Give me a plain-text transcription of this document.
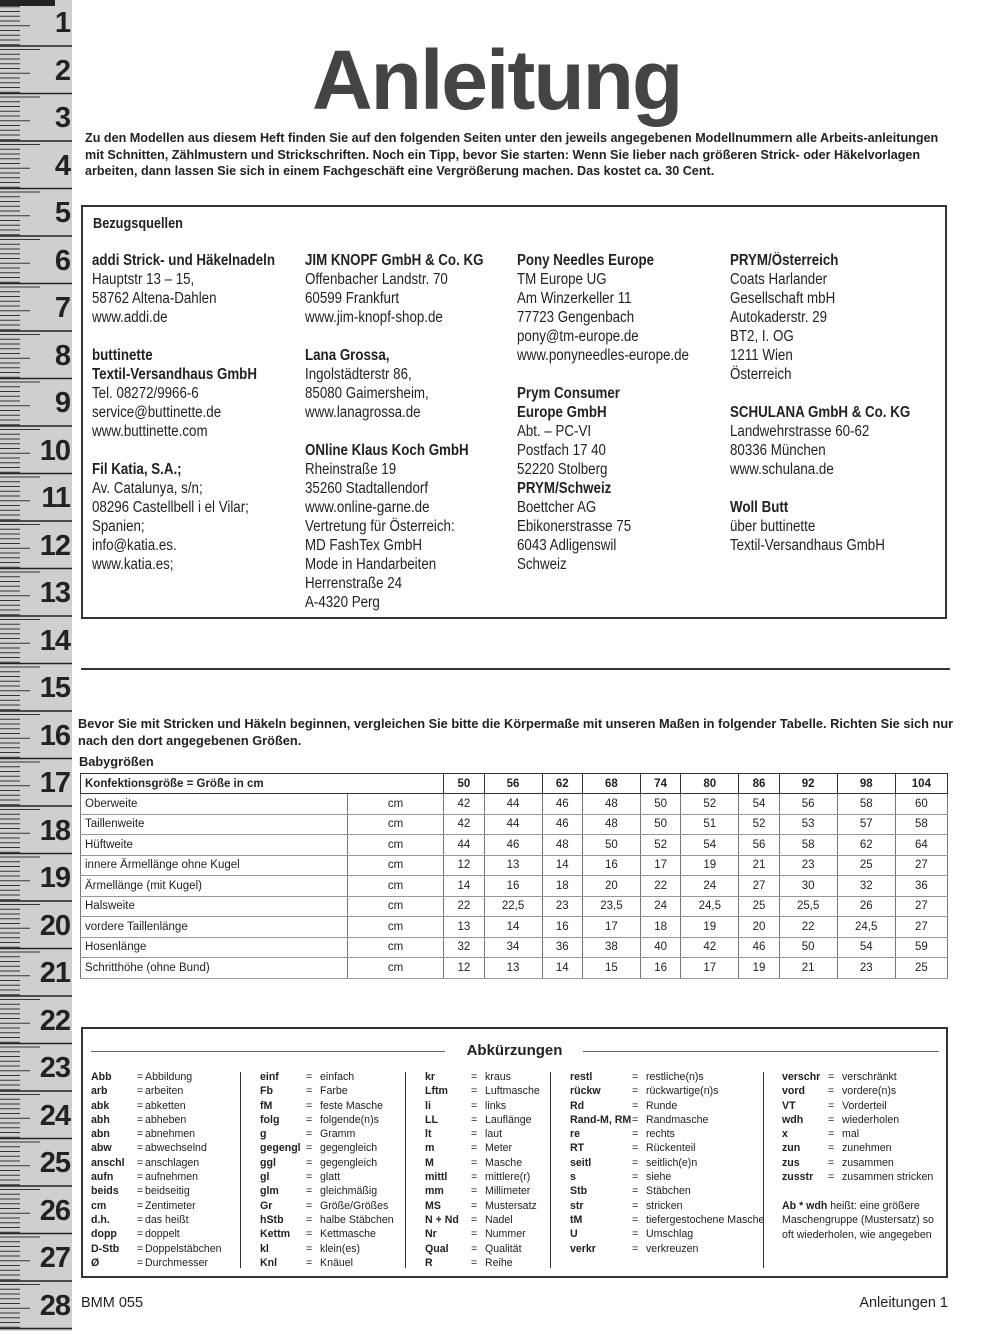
1
2
3
4
5
6
7
8
9
10
11
12
13
14
15
16
17
18
19
20
21
22
23
24
25
26
27
28
Anleitung
Zu den Modellen aus diesem Heft finden Sie auf den folgenden Seiten unter den jeweils angegebenen Modellnummern alle Arbeits-anleitungen mit Schnitten, Zählmustern und Strickschriften. Noch ein Tipp, bevor Sie starten: Wenn Sie lieber nach größeren Strick- oder Häkelvorlagen arbeiten, dann lassen Sie sich in einem Fachgeschäft eine Vergrößerung machen. Das kostet ca. 30 Cent.
Bezugsquellen
addi Strick- und Häkelnadeln
Hauptstr 13 – 15,
58762 Altena-Dahlen
www.addi.de
buttinette
Textil-Versandhaus GmbH
Tel. 08272/9966-6
service@buttinette.de
www.buttinette.com
Fil Katia, S.A.;
Av. Catalunya, s/n;
08296 Castellbell i el Vilar;
Spanien;
info@katia.es.
www.katia.es;
JIM KNOPF GmbH & Co. KG
Offenbacher Landstr. 70
60599 Frankfurt
www.jim-knopf-shop.de
Lana Grossa,
Ingolstädterstr 86,
85080 Gaimersheim,
www.lanagrossa.de
ONline Klaus Koch GmbH
Rheinstraße 19
35260 Stadtallendorf
www.online-garne.de
Vertretung für Österreich:
MD FashTex GmbH
Mode in Handarbeiten
Herrenstraße 24
A-4320 Perg
Pony Needles Europe
TM Europe UG
Am Winzerkeller 11
77723 Gengenbach
pony@tm-europe.de
www.ponyneedles-europe.de
Prym Consumer
Europe GmbH
Abt. – PC-VI
Postfach 17 40
52220 Stolberg
PRYM/Schweiz
Boettcher AG
Ebikonerstrasse 75
6043 Adligenswil
Schweiz
PRYM/Österreich
Coats Harlander
Gesellschaft mbH
Autokaderstr. 29
BT2, I. OG
1211 Wien
Österreich
SCHULANA GmbH & Co. KG
Landwehrstrasse 60-62
80336 München
www.schulana.de
Woll Butt
über buttinette
Textil-Versandhaus GmbH
Bevor Sie mit Stricken und Häkeln beginnen, vergleichen Sie bitte die Körpermaße mit unseren Maßen in folgender Tabelle. Richten Sie sich nur nach den dort angegebenen Größen.
Babygrößen
Konfektionsgröße = Größe in cm		50	56	62	68	74	80	86	92	98	104
Oberweite	cm	42	44	46	48	50	52	54	56	58	60
Taillenweite	cm	42	44	46	48	50	51	52	53	57	58
Hüftweite	cm	44	46	48	50	52	54	56	58	62	64
innere Ärmellänge ohne Kugel	cm	12	13	14	16	17	19	21	23	25	27
Ärmellänge (mit Kugel)	cm	14	16	18	20	22	24	27	30	32	36
Halsweite	cm	22	22,5	23	23,5	24	24,5	25	25,5	26	27
vordere Taillenlänge	cm	13	14	16	17	18	19	20	22	24,5	27
Hosenlänge	cm	32	34	36	38	40	42	46	50	54	59
Schritthöhe (ohne Bund)	cm	12	13	14	15	16	17	19	21	23	25
Abkürzungen
Abb = Abbildung
arb	= arbeiten
abk	= abketten
abh	= abheben
abn	= abnehmen
abw = abwechselnd
anschl = anschlagen
aufn = aufnehmen
beids = beidseitig
cm	= Zentimeter
d.h.	= das heißt
dopp = doppelt
D-Stb = Doppelstäbchen
Ø	= Durchmesser
einf	= einfach
Fb	= Farbe
fM	= feste Masche
folg	= folgende(n)s
g	= Gramm
gegengl = gegengleich
ggl	= gegengleich
gl	= glatt
glm	= gleichmäßig
Gr	= Größe/Größes
hStb = halbe Stäbchen
Kettm = Kettmasche
kl	= klein(es)
Knl	= Knäuel
kr	= kraus
Lftm = Luftmasche
li	= links
LL	= Lauflänge
lt	= laut
m	= Meter
M	= Masche
mittl = mittlere(r)
mm	= Millimeter
MS	= Mustersatz
N + Nd = Nadel
Nr	= Nummer
Qual = Qualität
R	= Reihe
restl	= restliche(n)s
rückw	= rückwartige(n)s
Rd	= Runde
Rand-M, RM = Randmasche
re	= rechts
RT	= Rückenteil
seitl	= seitlich(e)n
s	= siehe
Stb	= Stäbchen
str	= stricken
tM	= tiefergestochene Masche
U	= Umschlag
verkr	= verkreuzen
verschr = verschränkt
vord = vordere(n)s
VT	= Vorderteil
wdh = wiederholen
x	= mal
zun	= zunehmen
zus	= zusammen
zusstr = zusammen stricken
Ab * wdh heißt: eine größere
Maschengruppe (Mustersatz) so
oft wiederholen, wie angegeben
BMM 055	Anleitungen 1
